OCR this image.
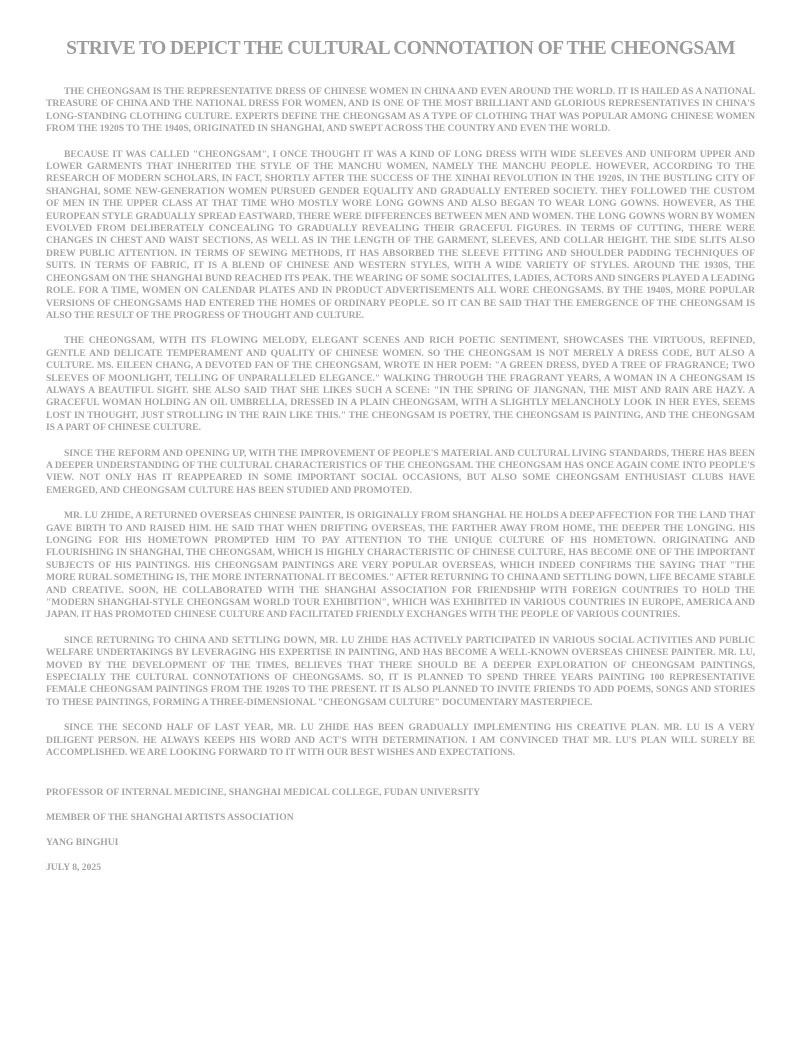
STRIVE TO DEPICT THE CULTURAL CONNOTATION OF THE CHEONGSAM

THE CHEONGSAM IS THE REPRESENTATIVE DRESS OF CHINESE WOMEN IN CHINA AND EVEN AROUND THE WORLD. IT IS HAILED AS A NATIONAL TREASURE OF CHINA AND THE NATIONAL DRESS FOR WOMEN, AND IS ONE OF THE MOST BRILLIANT AND GLORIOUS REPRESENTATIVES IN CHINA'S LONG-STANDING CLOTHING CULTURE. EXPERTS DEFINE THE CHEONGSAM AS A TYPE OF CLOTHING THAT WAS POPULAR AMONG CHINESE WOMEN FROM THE 1920S TO THE 1940S, ORIGINATED IN SHANGHAI, AND SWEPT ACROSS THE COUNTRY AND EVEN THE WORLD.

BECAUSE IT WAS CALLED "CHEONGSAM", I ONCE THOUGHT IT WAS A KIND OF LONG DRESS WITH WIDE SLEEVES AND UNIFORM UPPER AND LOWER GARMENTS THAT INHERITED THE STYLE OF THE MANCHU WOMEN, NAMELY THE MANCHU PEOPLE. HOWEVER, ACCORDING TO THE RESEARCH OF MODERN SCHOLARS, IN FACT, SHORTLY AFTER THE SUCCESS OF THE XINHAI REVOLUTION IN THE 1920S, IN THE BUSTLING CITY OF SHANGHAI, SOME NEW-GENERATION WOMEN PURSUED GENDER EQUALITY AND GRADUALLY ENTERED SOCIETY. THEY FOLLOWED THE CUSTOM OF MEN IN THE UPPER CLASS AT THAT TIME WHO MOSTLY WORE LONG GOWNS AND ALSO BEGAN TO WEAR LONG GOWNS. HOWEVER, AS THE EUROPEAN STYLE GRADUALLY SPREAD EASTWARD, THERE WERE DIFFERENCES BETWEEN MEN AND WOMEN. THE LONG GOWNS WORN BY WOMEN EVOLVED FROM DELIBERATELY CONCEALING TO GRADUALLY REVEALING THEIR GRACEFUL FIGURES. IN TERMS OF CUTTING, THERE WERE CHANGES IN CHEST AND WAIST SECTIONS, AS WELL AS IN THE LENGTH OF THE GARMENT, SLEEVES, AND COLLAR HEIGHT. THE SIDE SLITS ALSO DREW PUBLIC ATTENTION. IN TERMS OF SEWING METHODS, IT HAS ABSORBED THE SLEEVE FITTING AND SHOULDER PADDING TECHNIQUES OF SUITS. IN TERMS OF FABRIC, IT IS A BLEND OF CHINESE AND WESTERN STYLES, WITH A WIDE VARIETY OF STYLES. AROUND THE 1930S, THE CHEONGSAM ON THE SHANGHAI BUND REACHED ITS PEAK. THE WEARING OF SOME SOCIALITES, LADIES, ACTORS AND SINGERS PLAYED A LEADING ROLE. FOR A TIME, WOMEN ON CALENDAR PLATES AND IN PRODUCT ADVERTISEMENTS ALL WORE CHEONGSAMS. BY THE 1940S, MORE POPULAR VERSIONS OF CHEONGSAMS HAD ENTERED THE HOMES OF ORDINARY PEOPLE. SO IT CAN BE SAID THAT THE EMERGENCE OF THE CHEONGSAM IS ALSO THE RESULT OF THE PROGRESS OF THOUGHT AND CULTURE.

THE CHEONGSAM, WITH ITS FLOWING MELODY, ELEGANT SCENES AND RICH POETIC SENTIMENT, SHOWCASES THE VIRTUOUS, REFINED, GENTLE AND DELICATE TEMPERAMENT AND QUALITY OF CHINESE WOMEN. SO THE CHEONGSAM IS NOT MERELY A DRESS CODE, BUT ALSO A CULTURE. MS. EILEEN CHANG, A DEVOTED FAN OF THE CHEONGSAM, WROTE IN HER POEM: "A GREEN DRESS, DYED A TREE OF FRAGRANCE; TWO SLEEVES OF MOONLIGHT, TELLING OF UNPARALLELED ELEGANCE." WALKING THROUGH THE FRAGRANT YEARS, A WOMAN IN A CHEONGSAM IS ALWAYS A BEAUTIFUL SIGHT. SHE ALSO SAID THAT SHE LIKES SUCH A SCENE: "IN THE SPRING OF JIANGNAN, THE MIST AND RAIN ARE HAZY. A GRACEFUL WOMAN HOLDING AN OIL UMBRELLA, DRESSED IN A PLAIN CHEONGSAM, WITH A SLIGHTLY MELANCHOLY LOOK IN HER EYES, SEEMS LOST IN THOUGHT, JUST STROLLING IN THE RAIN LIKE THIS." THE CHEONGSAM IS POETRY, THE CHEONGSAM IS PAINTING, AND THE CHEONGSAM IS A PART OF CHINESE CULTURE.

SINCE THE REFORM AND OPENING UP, WITH THE IMPROVEMENT OF PEOPLE'S MATERIAL AND CULTURAL LIVING STANDARDS, THERE HAS BEEN A DEEPER UNDERSTANDING OF THE CULTURAL CHARACTERISTICS OF THE CHEONGSAM. THE CHEONGSAM HAS ONCE AGAIN COME INTO PEOPLE'S VIEW. NOT ONLY HAS IT REAPPEARED IN SOME IMPORTANT SOCIAL OCCASIONS, BUT ALSO SOME CHEONGSAM ENTHUSIAST CLUBS HAVE EMERGED, AND CHEONGSAM CULTURE HAS BEEN STUDIED AND PROMOTED.

MR. LU ZHIDE, A RETURNED OVERSEAS CHINESE PAINTER, IS ORIGINALLY FROM SHANGHAI. HE HOLDS A DEEP AFFECTION FOR THE LAND THAT GAVE BIRTH TO AND RAISED HIM. HE SAID THAT WHEN DRIFTING OVERSEAS, THE FARTHER AWAY FROM HOME, THE DEEPER THE LONGING. HIS LONGING FOR HIS HOMETOWN PROMPTED HIM TO PAY ATTENTION TO THE UNIQUE CULTURE OF HIS HOMETOWN. ORIGINATING AND FLOURISHING IN SHANGHAI, THE CHEONGSAM, WHICH IS HIGHLY CHARACTERISTIC OF CHINESE CULTURE, HAS BECOME ONE OF THE IMPORTANT SUBJECTS OF HIS PAINTINGS. HIS CHEONGSAM PAINTINGS ARE VERY POPULAR OVERSEAS, WHICH INDEED CONFIRMS THE SAYING THAT "THE MORE RURAL SOMETHING IS, THE MORE INTERNATIONAL IT BECOMES." AFTER RETURNING TO CHINA AND SETTLING DOWN, LIFE BECAME STABLE AND CREATIVE. SOON, HE COLLABORATED WITH THE SHANGHAI ASSOCIATION FOR FRIENDSHIP WITH FOREIGN COUNTRIES TO HOLD THE "MODERN SHANGHAI-STYLE CHEONGSAM WORLD TOUR EXHIBITION", WHICH WAS EXHIBITED IN VARIOUS COUNTRIES IN EUROPE, AMERICA AND JAPAN. IT HAS PROMOTED CHINESE CULTURE AND FACILITATED FRIENDLY EXCHANGES WITH THE PEOPLE OF VARIOUS COUNTRIES.

SINCE RETURNING TO CHINA AND SETTLING DOWN, MR. LU ZHIDE HAS ACTIVELY PARTICIPATED IN VARIOUS SOCIAL ACTIVITIES AND PUBLIC WELFARE UNDERTAKINGS BY LEVERAGING HIS EXPERTISE IN PAINTING, AND HAS BECOME A WELL-KNOWN OVERSEAS CHINESE PAINTER. MR. LU, MOVED BY THE DEVELOPMENT OF THE TIMES, BELIEVES THAT THERE SHOULD BE A DEEPER EXPLORATION OF CHEONGSAM PAINTINGS, ESPECIALLY THE CULTURAL CONNOTATIONS OF CHEONGSAMS. SO, IT IS PLANNED TO SPEND THREE YEARS PAINTING 100 REPRESENTATIVE FEMALE CHEONGSAM PAINTINGS FROM THE 1920S TO THE PRESENT. IT IS ALSO PLANNED TO INVITE FRIENDS TO ADD POEMS, SONGS AND STORIES TO THESE PAINTINGS, FORMING A THREE-DIMENSIONAL "CHEONGSAM CULTURE" DOCUMENTARY MASTERPIECE.

SINCE THE SECOND HALF OF LAST YEAR, MR. LU ZHIDE HAS BEEN GRADUALLY IMPLEMENTING HIS CREATIVE PLAN. MR. LU IS A VERY DILIGENT PERSON. HE ALWAYS KEEPS HIS WORD AND ACT'S WITH DETERMINATION. I AM CONVINCED THAT MR. LU'S PLAN WILL SURELY BE ACCOMPLISHED. WE ARE LOOKING FORWARD TO IT WITH OUR BEST WISHES AND EXPECTATIONS.

PROFESSOR OF INTERNAL MEDICINE, SHANGHAI MEDICAL COLLEGE, FUDAN UNIVERSITY
MEMBER OF THE SHANGHAI ARTISTS ASSOCIATION
YANG BINGHUI
JULY 8, 2025
